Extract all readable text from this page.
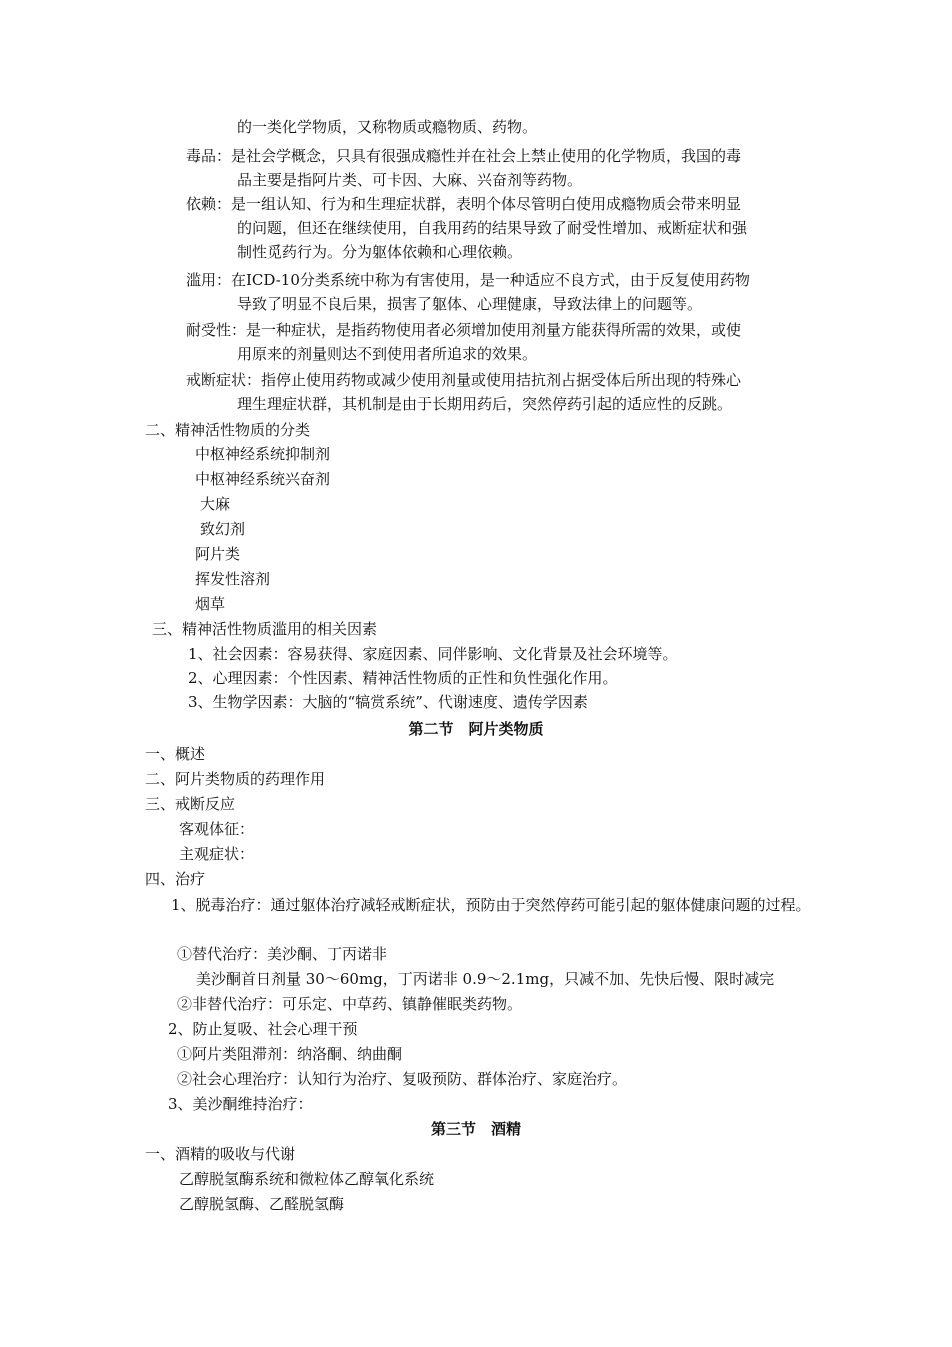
的一类化学物质，又称物质或瘾物质、药物。
毒品：是社会学概念，只具有很强成瘾性并在社会上禁止使用的化学物质，我国的毒
品主要是指阿片类、可卡因、大麻、兴奋剂等药物。
依赖：是一组认知、行为和生理症状群，表明个体尽管明白使用成瘾物质会带来明显
的问题，但还在继续使用，自我用药的结果导致了耐受性增加、戒断症状和强
制性觅药行为。分为躯体依赖和心理依赖。
滥用：在ICD-10分类系统中称为有害使用，是一种适应不良方式，由于反复使用药物
导致了明显不良后果，损害了躯体、心理健康，导致法律上的问题等。
耐受性：是一种症状，是指药物使用者必须增加使用剂量方能获得所需的效果，或使
用原来的剂量则达不到使用者所追求的效果。
戒断症状：指停止使用药物或减少使用剂量或使用拮抗剂占据受体后所出现的特殊心
理生理症状群，其机制是由于长期用药后，突然停药引起的适应性的反跳。
二、精神活性物质的分类
中枢神经系统抑制剂
中枢神经系统兴奋剂
大麻
致幻剂
阿片类
挥发性溶剂
烟草
三、精神活性物质滥用的相关因素
1、社会因素：容易获得、家庭因素、同伴影响、文化背景及社会环境等。
2、心理因素：个性因素、精神活性物质的正性和负性强化作用。
3、生物学因素：大脑的“犒赏系统”、代谢速度、遗传学因素
第二节　阿片类物质
一、概述
二、阿片类物质的药理作用
三、戒断反应
客观体征：
主观症状：
四、治疗
1、脱毒治疗：通过躯体治疗减轻戒断症状，预防由于突然停药可能引起的躯体健康问题的过程。
①替代治疗：美沙酮、丁丙诺非
美沙酮首日剂量 30～60mg，丁丙诺非 0.9～2.1mg，只减不加、先快后慢、限时减完
②非替代治疗：可乐定、中草药、镇静催眠类药物。
2、防止复吸、社会心理干预
①阿片类阻滞剂：纳洛酮、纳曲酮
②社会心理治疗：认知行为治疗、复吸预防、群体治疗、家庭治疗。
3、美沙酮维持治疗：
第三节　酒精
一、酒精的吸收与代谢
乙醇脱氢酶系统和微粒体乙醇氧化系统
乙醇脱氢酶、乙醛脱氢酶
